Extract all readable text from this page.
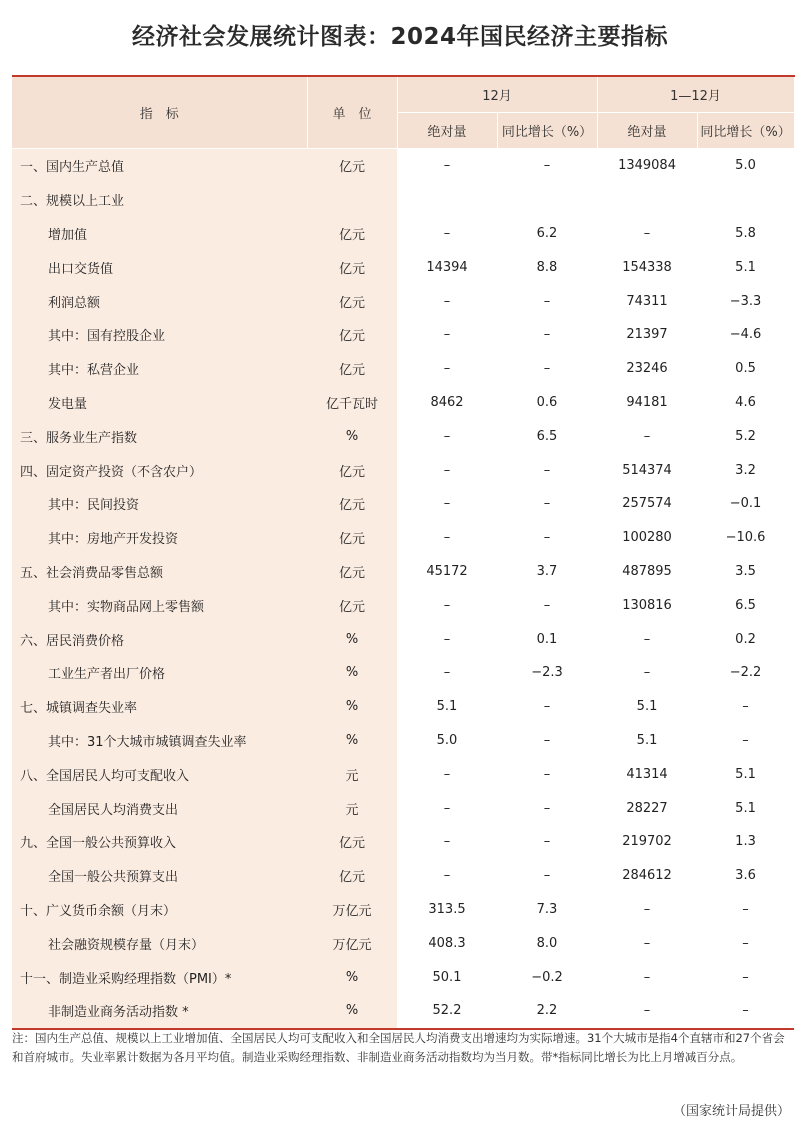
经济社会发展统计图表：2024年国民经济主要指标
指　标	单　位	12月		1—12月	
		绝对量	同比增长（%）	绝对量	同比增长（%）
一、国内生产总值	亿元	–	–	1349084	5.0
二、规模以上工业					
增加值	亿元	–	6.2	–	5.8
出口交货值	亿元	14394	8.8	154338	5.1
利润总额	亿元	–	–	74311	−3.3
其中：国有控股企业	亿元	–	–	21397	−4.6
其中：私营企业	亿元	–	–	23246	0.5
发电量	亿千瓦时	8462	0.6	94181	4.6
三、服务业生产指数	%	–	6.5	–	5.2
四、固定资产投资（不含农户）	亿元	–	–	514374	3.2
其中：民间投资	亿元	–	–	257574	−0.1
其中：房地产开发投资	亿元	–	–	100280	−10.6
五、社会消费品零售总额	亿元	45172	3.7	487895	3.5
其中：实物商品网上零售额	亿元	–	–	130816	6.5
六、居民消费价格	%	–	0.1	–	0.2
工业生产者出厂价格	%	–	−2.3	–	−2.2
七、城镇调查失业率	%	5.1	–	5.1	–
其中：31个大城市城镇调查失业率	%	5.0	–	5.1	–
八、全国居民人均可支配收入	元	–	–	41314	5.1
全国居民人均消费支出	元	–	–	28227	5.1
九、全国一般公共预算收入	亿元	–	–	219702	1.3
全国一般公共预算支出	亿元	–	–	284612	3.6
十、广义货币余额（月末）	万亿元	313.5	7.3	–	–
社会融资规模存量（月末）	万亿元	408.3	8.0	–	–
十一、制造业采购经理指数（PMI）*	%	50.1	−0.2	–	–
非制造业商务活动指数 *	%	52.2	2.2	–	–
注：国内生产总值、规模以上工业增加值、全国居民人均可支配收入和全国居民人均消费支出增速均为实际增速。31个大城市是指4个直辖市和27个省会和首府城市。失业率累计数据为各月平均值。制造业采购经理指数、非制造业商务活动指数均为当月数。带*指标同比增长为比上月增减百分点。
（国家统计局提供）
